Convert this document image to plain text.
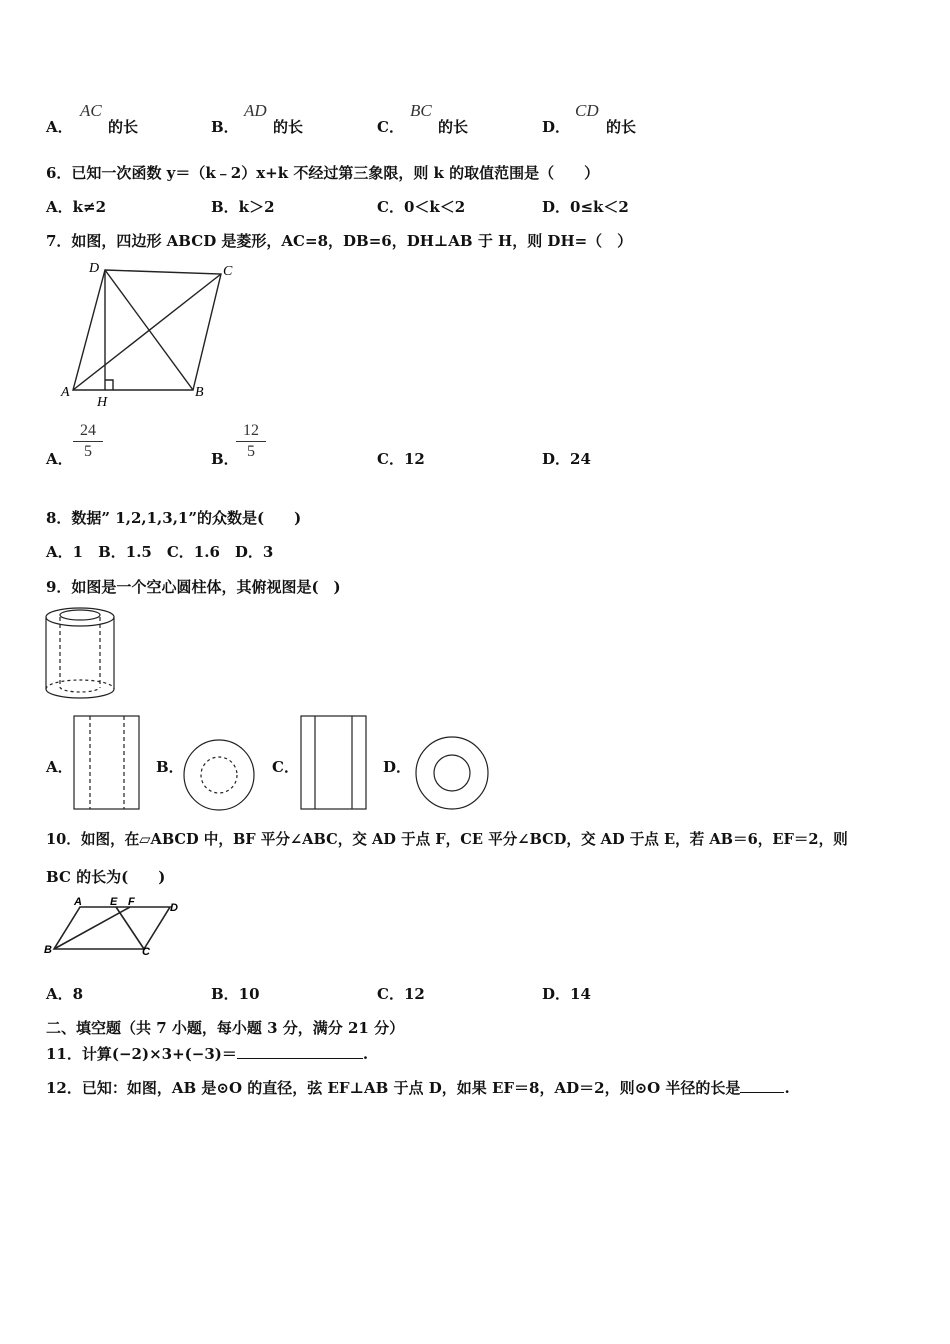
A．
AC
的长	B．
AD
的长	C．
BC
的长	D．
CD
的长
6．已知一次函数 y＝（k﹣2）x+k 不经过第三象限，则 k 的取值范围是（　　）
A．k≠2	B．k＞2	C．0＜k＜2	D．0≤k＜2
7．如图，四边形 ABCD 是菱形，AC=8，DB=6，DH⊥AB 于 H，则 DH=（　）
D	C
A
H
B
A． $\frac{24}{5}$	B．
$\frac{12}{5}$	C．12	D．24
8．数据” 1,2,1,3,1”的众数是(　　)
A．1　B．1.5　C．1.6　D．3
9．如图是一个空心圆柱体，其俯视图是(　)
A．	B．	C．	D．
10．如图，在▱ABCD 中，BF 平分∠ABC，交 AD 于点 F，CE 平分∠BCD，交 AD 于点 E，若 AB＝6，EF＝2，则
BC 的长为(　　)
A	E F	D
B	C
A．8	B．10	C．12	D．14
二、填空题（共 7 小题，每小题 3 分，满分 21 分）
11．计算(−2)×3+(−3)＝	.
12．已知：如图，AB 是⊙O 的直径，弦 EF⊥AB 于点 D，如果 EF＝8，AD＝2，则⊙O 半径的长是	.
